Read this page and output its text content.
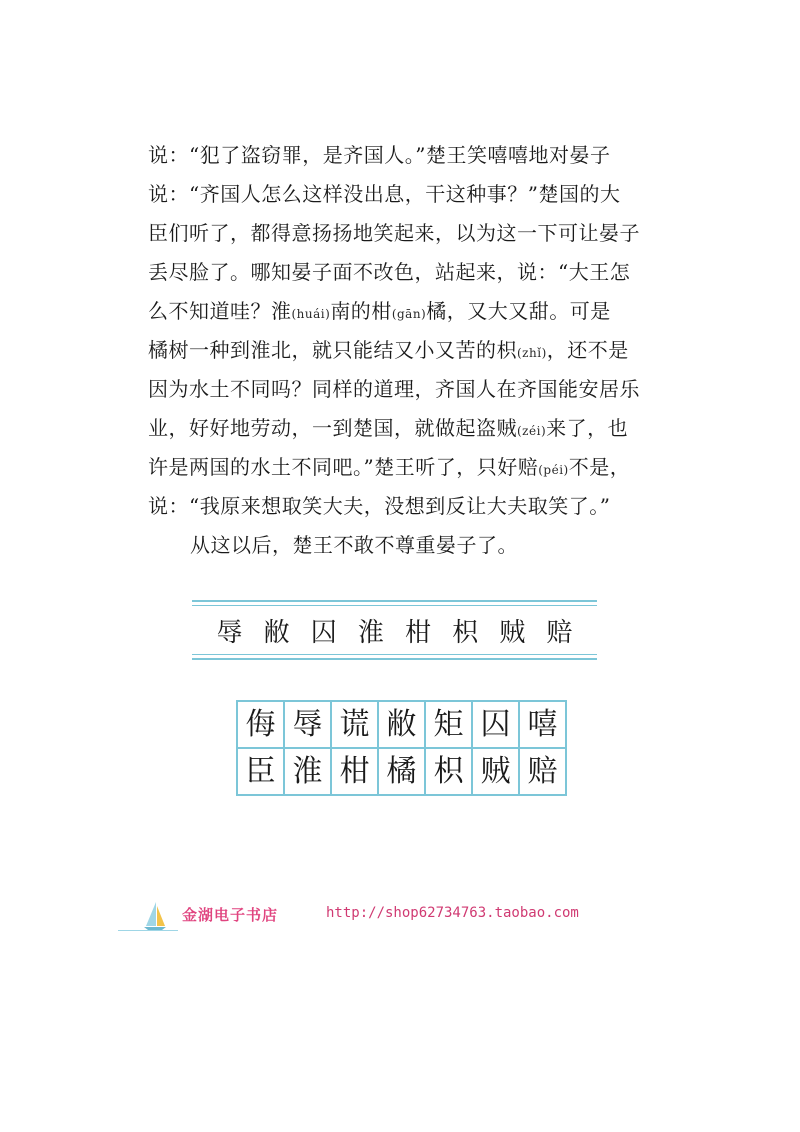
说：“犯了盗窃罪，是齐国人。”楚王笑嘻嘻地对晏子
说：“齐国人怎么这样没出息，干这种事？”楚国的大
臣们听了，都得意扬扬地笑起来，以为这一下可让晏子
丢尽脸了。哪知晏子面不改色，站起来，说：“大王怎
么不知道哇？淮(huái)南的柑(gān)橘，又大又甜。可是
橘树一种到淮北，就只能结又小又苦的枳(zhǐ)，还不是
因为水土不同吗？同样的道理，齐国人在齐国能安居乐
业，好好地劳动，一到楚国，就做起盗贼(zéi)来了，也
许是两国的水土不同吧。”楚王听了，只好赔(péi)不是，
说：“我原来想取笑大夫，没想到反让大夫取笑了。”
从这以后，楚王不敢不尊重晏子了。
辱 敝 囚 淮 柑 枳 贼 赔
侮 辱 谎 敝 矩 囚 嘻
臣 淮 柑 橘 枳 贼 赔
金湖电子书店	http://shop62734763.taobao.com
